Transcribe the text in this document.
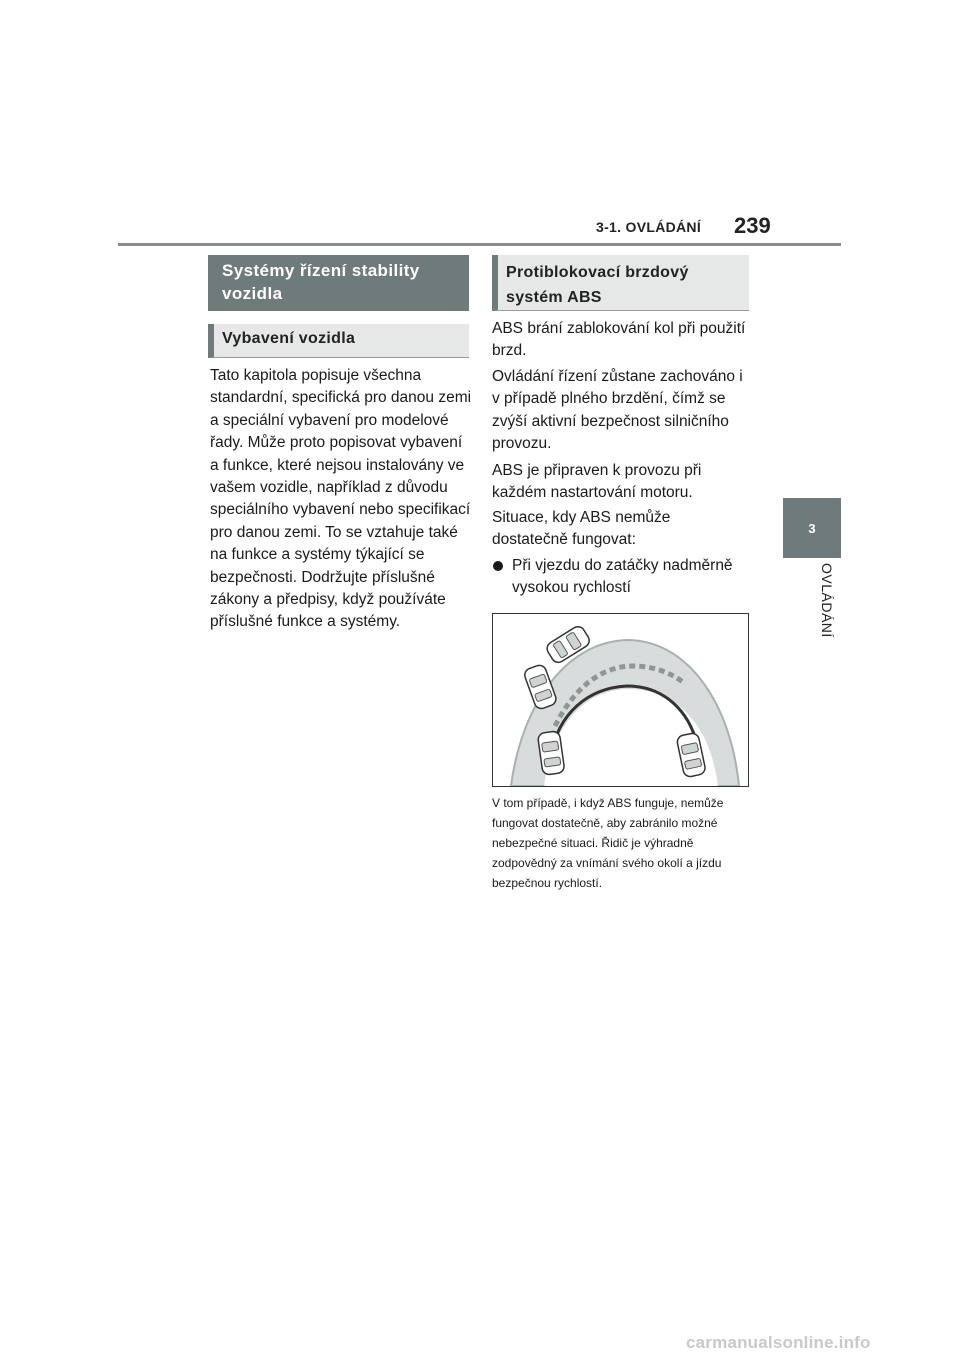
3-1. OVLÁDÁNÍ 239
3
OVLÁDÁNÍ
Systémy řízení stability vozidla
Vybavení vozidla

Tato kapitola popisuje všechna standardní, specifická pro danou zemi a speciální vybavení pro modelové řady. Může proto popisovat vybavení a funkce, které nejsou instalovány ve vašem vozidle, například z důvodu speciálního vybavení nebo specifikací pro danou zemi. To se vztahuje také na funkce a systémy týkající se bezpečnosti. Dodržujte příslušné zákony a předpisy, když používáte příslušné funkce a systémy.

Protiblokovací brzdový systém ABS

ABS brání zablokování kol při použití brzd.

Ovládání řízení zůstane zachováno i v případě plného brzdění, čímž se zvýší aktivní bezpečnost silničního provozu.

ABS je připraven k provozu při každém nastartování motoru.

Situace, kdy ABS nemůže dostatečně fungovat:

Při vjezdu do zatáčky nadměrně vysokou rychlostí

V tom případě, i když ABS funguje, nemůže fungovat dostatečně, aby zabránilo možné nebezpečné situaci. Řidič je výhradně zodpovědný za vnímání svého okolí a jízdu bezpečnou rychlostí.

carmanualsonline.info
